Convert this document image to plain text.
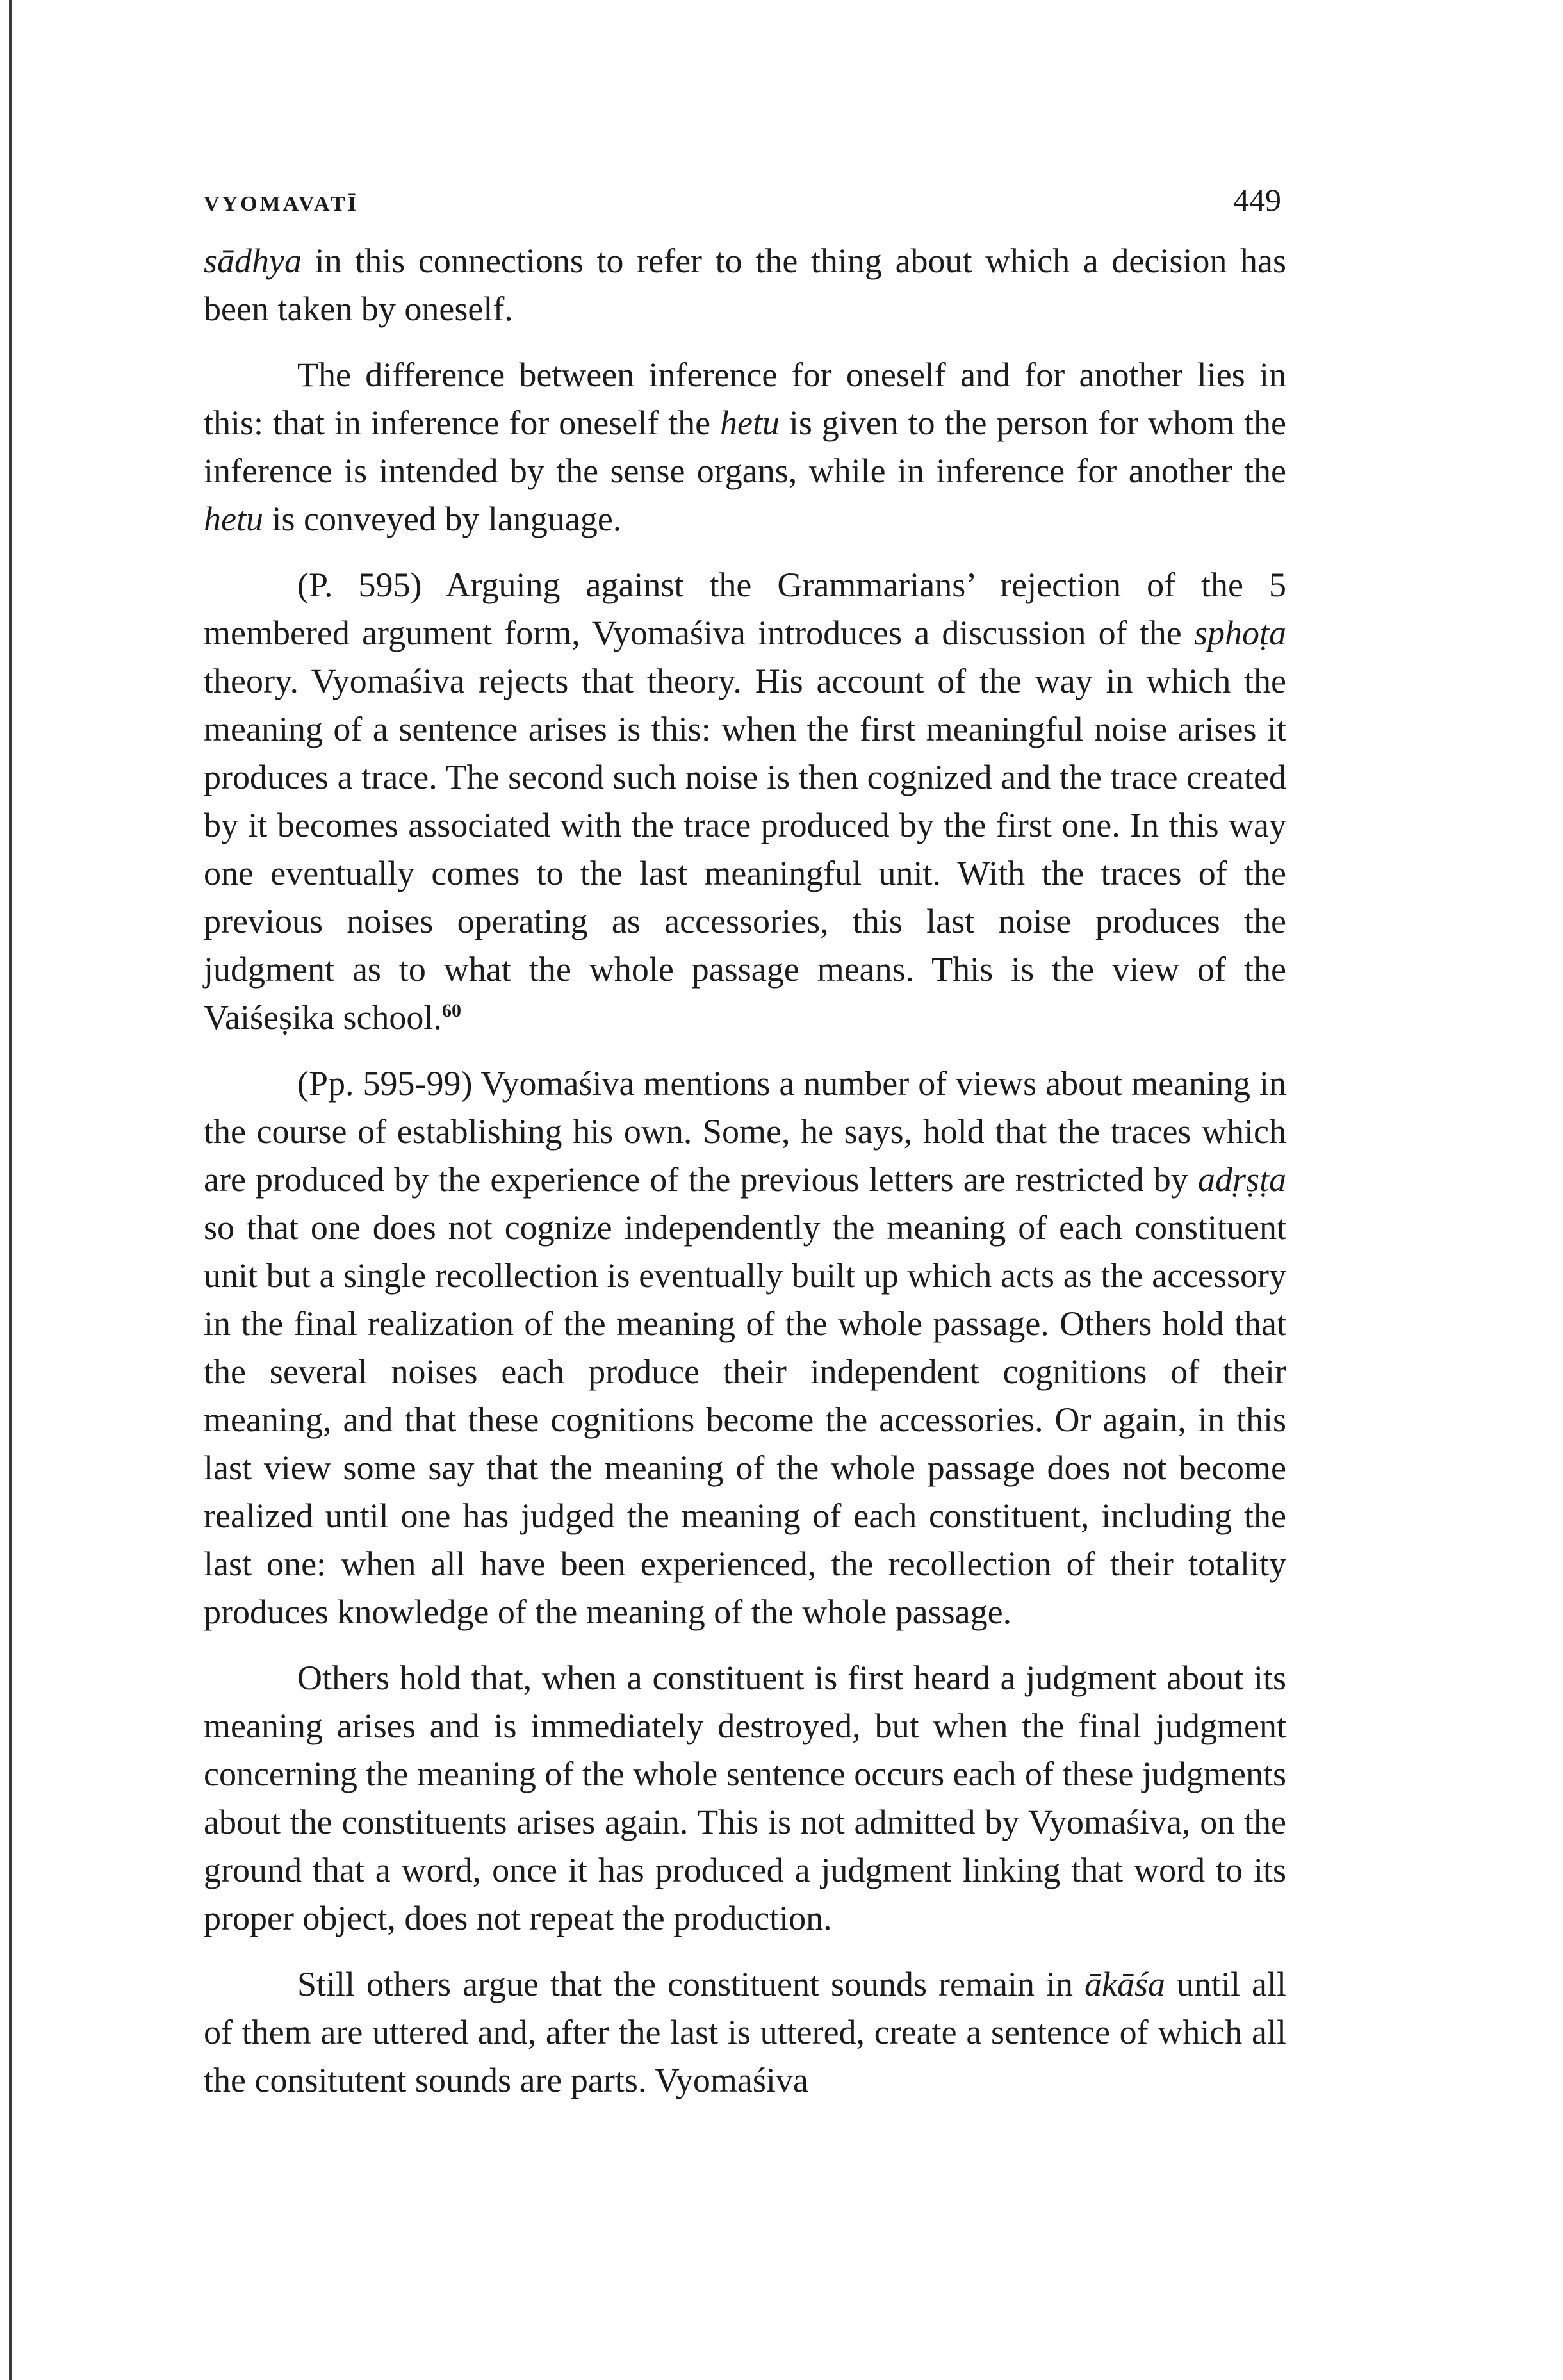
VYOMAVATĪ	449

sādhya in this connections to refer to the thing about which a decision has been taken by oneself.

The difference between inference for oneself and for another lies in this: that in inference for oneself the hetu is given to the person for whom the inference is intended by the sense organs, while in inference for another the hetu is conveyed by language.

(P. 595) Arguing against the Grammarians’ rejection of the 5 membered argument form, Vyomaśiva introduces a discussion of the sphoṭa theory. Vyomaśiva rejects that theory. His account of the way in which the meaning of a sentence arises is this: when the first meaningful noise arises it produces a trace. The second such noise is then cognized and the trace created by it becomes associated with the trace produced by the first one. In this way one eventually comes to the last meaningful unit. With the traces of the previous noises operating as accessories, this last noise produces the judgment as to what the whole passage means. This is the view of the Vaiśeṣika school.$^{60}$

(Pp. 595-99) Vyomaśiva mentions a number of views about meaning in the course of establishing his own. Some, he says, hold that the traces which are produced by the experience of the previous letters are restricted by adṛṣṭa so that one does not cognize independently the meaning of each constituent unit but a single recollection is eventually built up which acts as the accessory in the final realization of the meaning of the whole passage. Others hold that the several noises each produce their independent cognitions of their meaning, and that these cognitions become the accessories. Or again, in this last view some say that the meaning of the whole passage does not become realized until one has judged the meaning of each constituent, including the last one: when all have been experienced, the recollection of their totality produces knowledge of the meaning of the whole passage.

Others hold that, when a constituent is first heard a judgment about its meaning arises and is immediately destroyed, but when the final judgment concerning the meaning of the whole sentence occurs each of these judgments about the constituents arises again. This is not admitted by Vyomaśiva, on the ground that a word, once it has produced a judgment linking that word to its proper object, does not repeat the production.

Still others argue that the constituent sounds remain in ākāśa until all of them are uttered and, after the last is uttered, create a sentence of which all the consitutent sounds are parts. Vyomaśiva
